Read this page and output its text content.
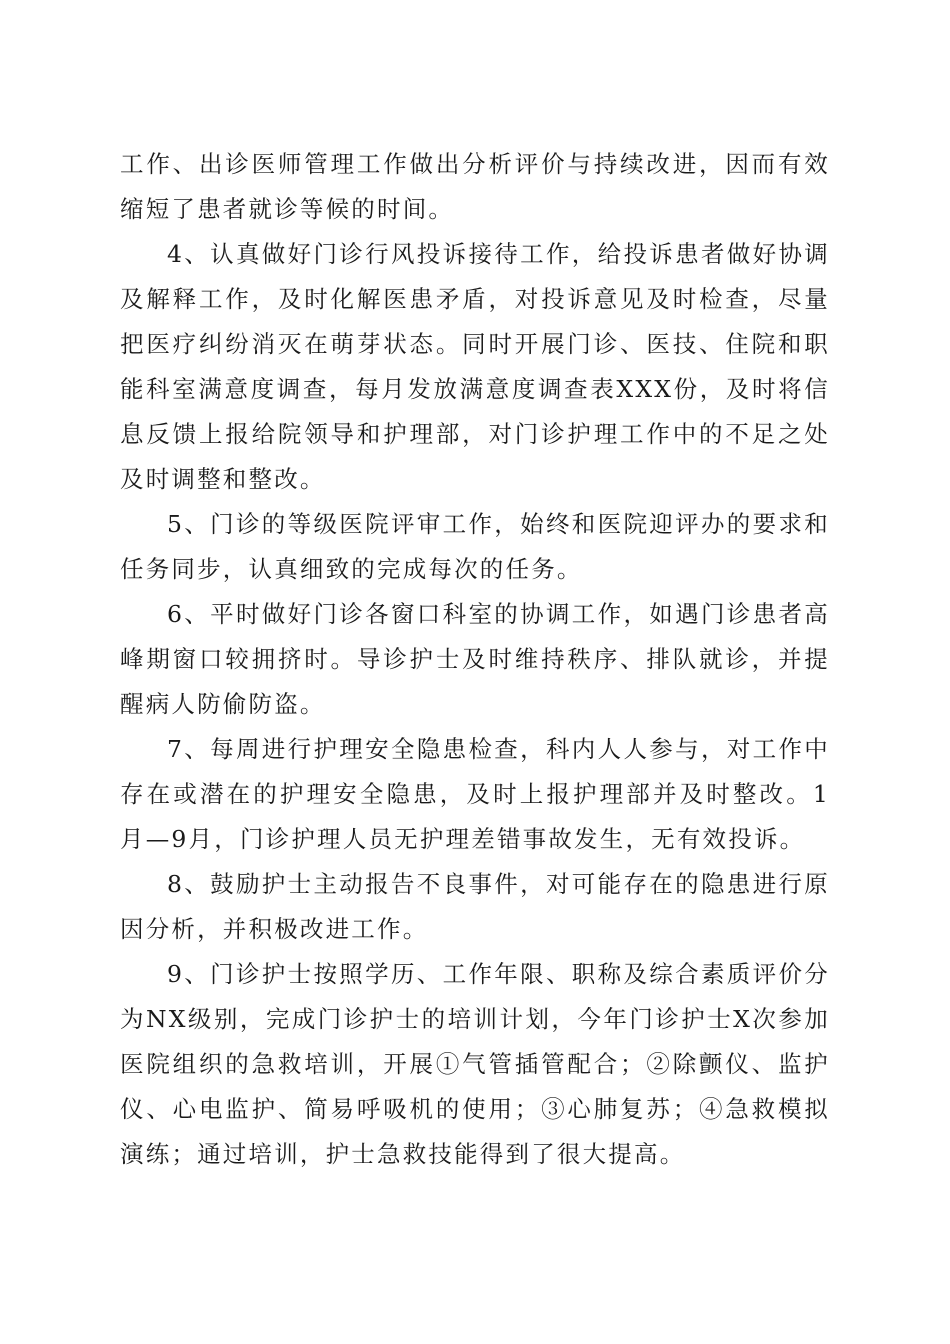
工作、出诊医师管理工作做出分析评价与持续改进，因而有效缩短了患者就诊等候的时间。

4、认真做好门诊行风投诉接待工作，给投诉患者做好协调及解释工作，及时化解医患矛盾，对投诉意见及时检查，尽量把医疗纠纷消灭在萌芽状态。同时开展门诊、医技、住院和职能科室满意度调查，每月发放满意度调查表XXX份，及时将信息反馈上报给院领导和护理部，对门诊护理工作中的不足之处及时调整和整改。

5、门诊的等级医院评审工作，始终和医院迎评办的要求和任务同步，认真细致的完成每次的任务。

6、平时做好门诊各窗口科室的协调工作，如遇门诊患者高峰期窗口较拥挤时。导诊护士及时维持秩序、排队就诊，并提醒病人防偷防盗。

7、每周进行护理安全隐患检查，科内人人参与，对工作中存在或潜在的护理安全隐患，及时上报护理部并及时整改。1月—9月，门诊护理人员无护理差错事故发生，无有效投诉。

8、鼓励护士主动报告不良事件，对可能存在的隐患进行原因分析，并积极改进工作。

9、门诊护士按照学历、工作年限、职称及综合素质评价分为NX级别，完成门诊护士的培训计划，今年门诊护士X次参加医院组织的急救培训，开展①气管插管配合；②除颤仪、监护仪、心电监护、简易呼吸机的使用；③心肺复苏；④急救模拟演练；通过培训，护士急救技能得到了很大提高。
